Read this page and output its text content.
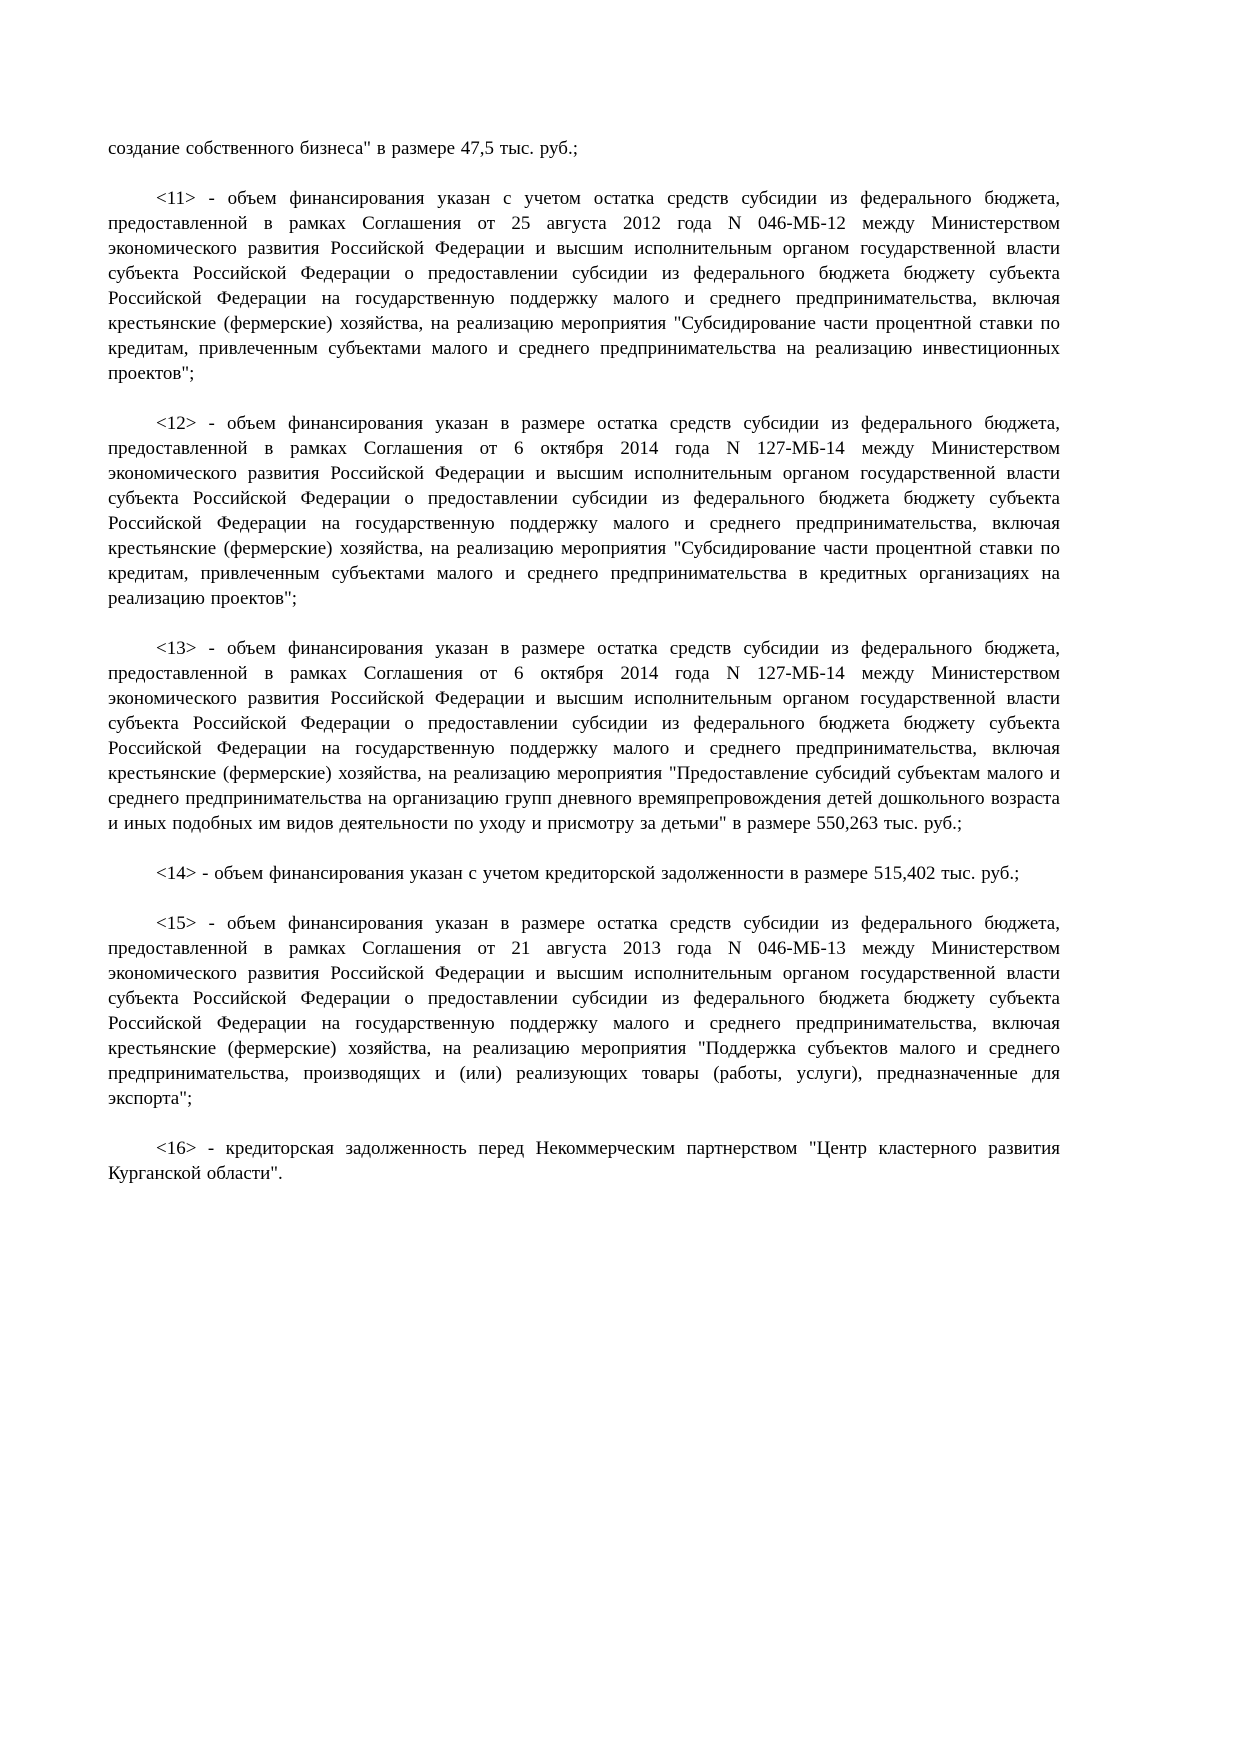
создание собственного бизнеса" в размере 47,5 тыс. руб.;

<11> - объем финансирования указан с учетом остатка средств субсидии из федерального бюджета, предоставленной в рамках Соглашения от 25 августа 2012 года N 046-МБ-12 между Министерством экономического развития Российской Федерации и высшим исполнительным органом государственной власти субъекта Российской Федерации о предоставлении субсидии из федерального бюджета бюджету субъекта Российской Федерации на государственную поддержку малого и среднего предпринимательства, включая крестьянские (фермерские) хозяйства, на реализацию мероприятия "Субсидирование части процентной ставки по кредитам, привлеченным субъектами малого и среднего предпринимательства на реализацию инвестиционных проектов";

<12> - объем финансирования указан в размере остатка средств субсидии из федерального бюджета, предоставленной в рамках Соглашения от 6 октября 2014 года N 127-МБ-14 между Министерством экономического развития Российской Федерации и высшим исполнительным органом государственной власти субъекта Российской Федерации о предоставлении субсидии из федерального бюджета бюджету субъекта Российской Федерации на государственную поддержку малого и среднего предпринимательства, включая крестьянские (фермерские) хозяйства, на реализацию мероприятия "Субсидирование части процентной ставки по кредитам, привлеченным субъектами малого и среднего предпринимательства в кредитных организациях на реализацию проектов";

<13> - объем финансирования указан в размере остатка средств субсидии из федерального бюджета, предоставленной в рамках Соглашения от 6 октября 2014 года N 127-МБ-14 между Министерством экономического развития Российской Федерации и высшим исполнительным органом государственной власти субъекта Российской Федерации о предоставлении субсидии из федерального бюджета бюджету субъекта Российской Федерации на государственную поддержку малого и среднего предпринимательства, включая крестьянские (фермерские) хозяйства, на реализацию мероприятия "Предоставление субсидий субъектам малого и среднего предпринимательства на организацию групп дневного времяпрепровождения детей дошкольного возраста и иных подобных им видов деятельности по уходу и присмотру за детьми" в размере 550,263 тыс. руб.;

<14> - объем финансирования указан с учетом кредиторской задолженности в размере 515,402 тыс. руб.;

<15> - объем финансирования указан в размере остатка средств субсидии из федерального бюджета, предоставленной в рамках Соглашения от 21 августа 2013 года N 046-МБ-13 между Министерством экономического развития Российской Федерации и высшим исполнительным органом государственной власти субъекта Российской Федерации о предоставлении субсидии из федерального бюджета бюджету субъекта Российской Федерации на государственную поддержку малого и среднего предпринимательства, включая крестьянские (фермерские) хозяйства, на реализацию мероприятия "Поддержка субъектов малого и среднего предпринимательства, производящих и (или) реализующих товары (работы, услуги), предназначенные для экспорта";

<16> - кредиторская задолженность перед Некоммерческим партнерством "Центр кластерного развития Курганской области".
